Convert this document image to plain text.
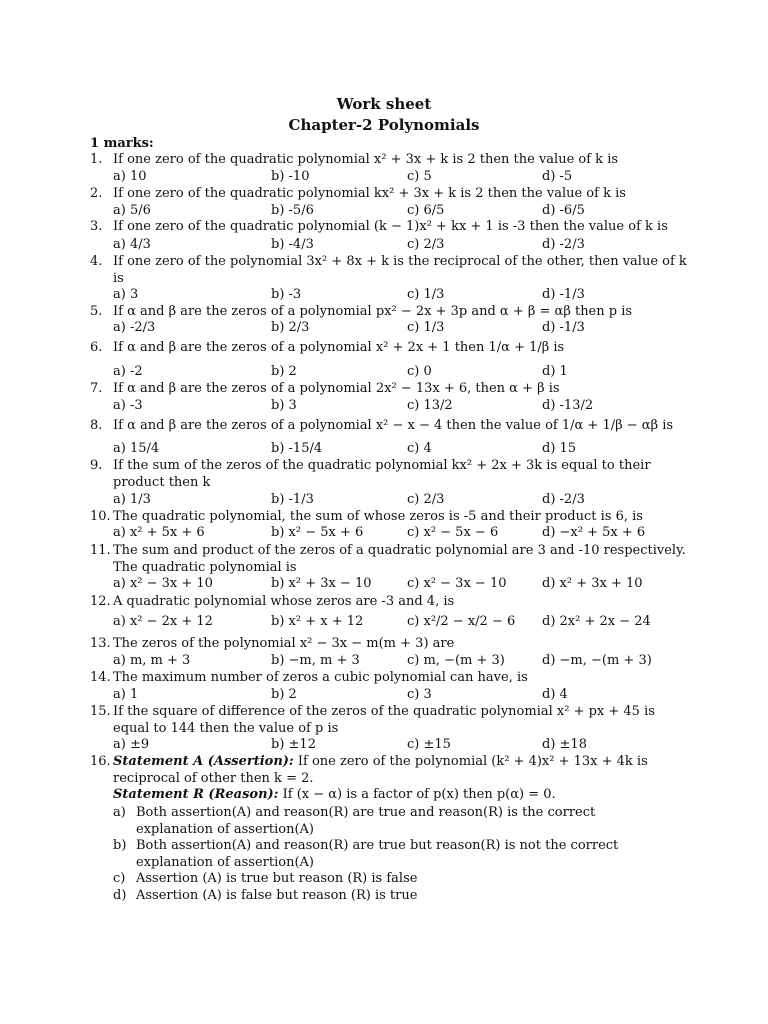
Work sheet
Chapter-2 Polynomials
1 marks:
1. If one zero of the quadratic polynomial x² + 3x + k is 2 then the value of k is
a) 10	b) -10	c) 5	d) -5
2. If one zero of the quadratic polynomial kx² + 3x + k is 2 then the value of k is
a) 5/6	b) -5/6	c) 6/5	d) -6/5
3. If one zero of the quadratic polynomial (k − 1)x² + kx + 1 is -3 then the value of k is
a) 4/3	b) -4/3	c) 2/3	d) -2/3
4. If one zero of the polynomial 3x² + 8x + k is the reciprocal of the other, then value of k is
a) 3	b) -3	c) 1/3	d) -1/3
5. If α and β are the zeros of a polynomial px² − 2x + 3p and α + β = αβ then p is
a) -2/3	b) 2/3	c) 1/3	d) -1/3
6. If α and β are the zeros of a polynomial x² + 2x + 1 then 1/α + 1/β is
a) -2	b) 2	c) 0	d) 1
7. If α and β are the zeros of a polynomial 2x² − 13x + 6, then α + β is
a) -3	b) 3	c) 13/2	d) -13/2
8. If α and β are the zeros of a polynomial x² − x − 4 then the value of 1/α + 1/β − αβ is
a) 15/4	b) -15/4	c) 4	d) 15
9. If the sum of the zeros of the quadratic polynomial kx² + 2x + 3k is equal to their product then k
a) 1/3	b) -1/3	c) 2/3	d) -2/3
10. The quadratic polynomial, the sum of whose zeros is -5 and their product is 6, is
a) x² + 5x + 6	b) x² − 5x + 6	c) x² − 5x − 6	d) −x² + 5x + 6
11. The sum and product of the zeros of a quadratic polynomial are 3 and -10 respectively. The quadratic polynomial is
a) x² − 3x + 10	b) x² + 3x − 10	c) x² − 3x − 10	d) x² + 3x + 10
12. A quadratic polynomial whose zeros are -3 and 4, is
a) x² − 2x + 12	b) x² + x + 12	c) x²/2 − x/2 − 6 d) 2x² + 2x − 24
13. The zeros of the polynomial x² − 3x − m(m + 3) are
a) m, m + 3	b) −m, m + 3	c) m, −(m + 3)	d) −m, −(m + 3)
14. The maximum number of zeros a cubic polynomial can have, is
a) 1	b) 2	c) 3	d) 4
15. If the square of difference of the zeros of the quadratic polynomial x² + px + 45 is equal to 144 then the value of p is
a) ±9	b) ±12	c) ±15	d) ±18
16. Statement A (Assertion): If one zero of the polynomial (k² + 4)x² + 13x + 4k is reciprocal of other then k = 2.
Statement R (Reason): If (x − α) is a factor of p(x) then p(α) = 0.
a) Both assertion(A) and reason(R) are true and reason(R) is the correct explanation of assertion(A)
b) Both assertion(A) and reason(R) are true but reason(R) is not the correct explanation of assertion(A)
c) Assertion (A) is true but reason (R) is false
d) Assertion (A) is false but reason (R) is true
